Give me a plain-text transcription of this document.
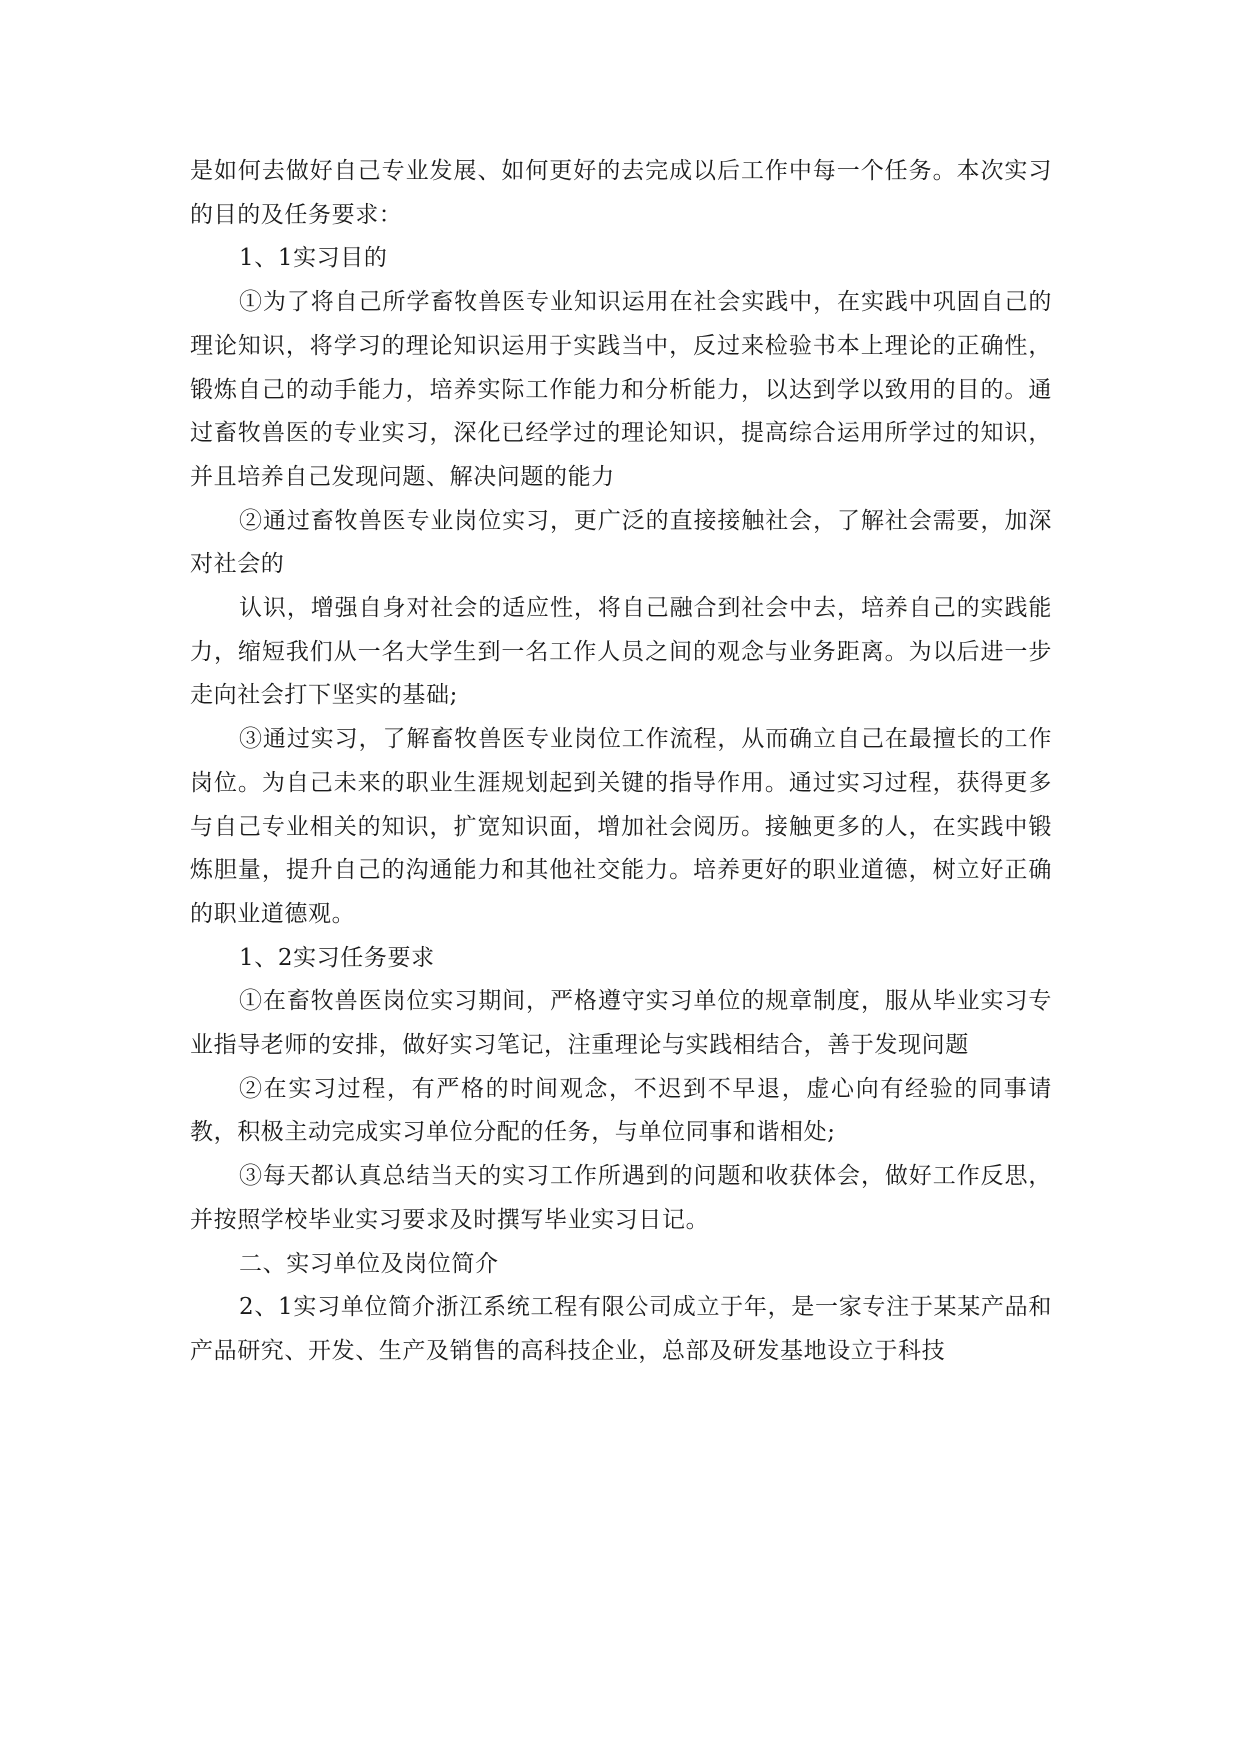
是如何去做好自己专业发展、如何更好的去完成以后工作中每一个任务。本次实习的目的及任务要求：

1、1实习目的

①为了将自己所学畜牧兽医专业知识运用在社会实践中，在实践中巩固自己的理论知识，将学习的理论知识运用于实践当中，反过来检验书本上理论的正确性，锻炼自己的动手能力，培养实际工作能力和分析能力，以达到学以致用的目的。通过畜牧兽医的专业实习，深化已经学过的理论知识，提高综合运用所学过的知识，并且培养自己发现问题、解决问题的能力

②通过畜牧兽医专业岗位实习，更广泛的直接接触社会，了解社会需要，加深对社会的

认识，增强自身对社会的适应性，将自己融合到社会中去，培养自己的实践能力，缩短我们从一名大学生到一名工作人员之间的观念与业务距离。为以后进一步走向社会打下坚实的基础;

③通过实习，了解畜牧兽医专业岗位工作流程，从而确立自己在最擅长的工作岗位。为自己未来的职业生涯规划起到关键的指导作用。通过实习过程，获得更多与自己专业相关的知识，扩宽知识面，增加社会阅历。接触更多的人，在实践中锻炼胆量，提升自己的沟通能力和其他社交能力。培养更好的职业道德，树立好正确的职业道德观。

1、2实习任务要求

①在畜牧兽医岗位实习期间，严格遵守实习单位的规章制度，服从毕业实习专业指导老师的安排，做好实习笔记，注重理论与实践相结合，善于发现问题

②在实习过程，有严格的时间观念，不迟到不早退，虚心向有经验的同事请教，积极主动完成实习单位分配的任务，与单位同事和谐相处;

③每天都认真总结当天的实习工作所遇到的问题和收获体会，做好工作反思，并按照学校毕业实习要求及时撰写毕业实习日记。

二、实习单位及岗位简介

2、1实习单位简介浙江系统工程有限公司成立于年，是一家专注于某某产品和产品研究、开发、生产及销售的高科技企业，总部及研发基地设立于科技
